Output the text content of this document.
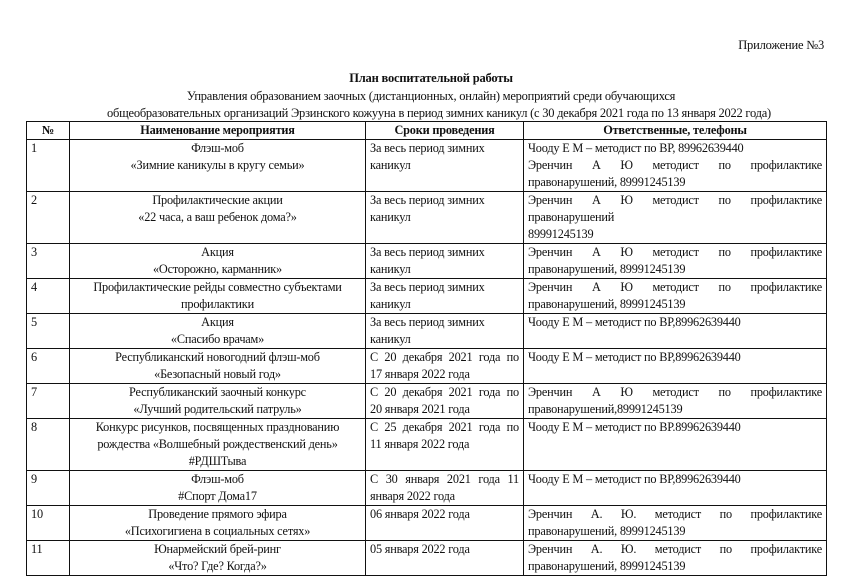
Приложение №3
План воспитательной работы
Управления образованием заочных (дистанционных, онлайн) мероприятий среди обучающихся
общеобразовательных организаций Эрзинского кожууна в период зимних каникул (с 30 декабря 2021 года по 13 января 2022 года)
№	Наименование мероприятия	Сроки проведения	Ответственные, телефоны
1	Флэш-моб
«Зимние каникулы в кругу семьи»	За весь период зимних
каникул	Чооду Е М – методист по ВР, 89962639440
Эренчин А Ю методист по профилактике
правонарушений, 89991245139

2	Профилактические акции
«22 часа, а ваш ребенок дома?»	За весь период зимних
каникул	Эренчин А Ю методист по профилактике
правонарушений
89991245139

3	Акция
«Осторожно, карманник»	За весь период зимних
каникул	Эренчин А Ю методист по профилактике
правонарушений, 89991245139

4	Профилактические рейды совместно субъектами
профилактики	За весь период зимних
каникул	Эренчин А Ю методист по профилактике
правонарушений, 89991245139

5	Акция
«Спасибо врачам»	За весь период зимних
каникул	Чооду Е М – методист по ВР,89962639440

6	Республиканский новогодний флэш-моб
«Безопасный новый год»	С 20 декабря 2021 года по
17 января 2022 года	Чооду Е М – методист по ВР,89962639440

7	Республиканский заочный конкурс
«Лучший родительский патруль»	С 20 декабря 2021 года по
20 января 2021 года	Эренчин А Ю методист по профилактике
правонарушений,89991245139

8	Конкурс рисунков, посвященных празднованию
рождества «Волшебный рождественский день»
#РДШТыва	С 25 декабря 2021 года по
11 января 2022 года	Чооду Е М – методист по ВР.89962639440

9	Флэш-моб
#Спорт Дома17	С 30 января 2021 года 11
января 2022 года	Чооду Е М – методист по ВР,89962639440

10	Проведение прямого эфира
«Психогигиена в социальных сетях»	06 января 2022 года	Эренчин А. Ю. методист по профилактике
правонарушений, 89991245139

11	Юнармейский брей-ринг
«Что? Где? Когда?»	05 января 2022 года	Эренчин А. Ю. методист по профилактике
правонарушений, 89991245139
